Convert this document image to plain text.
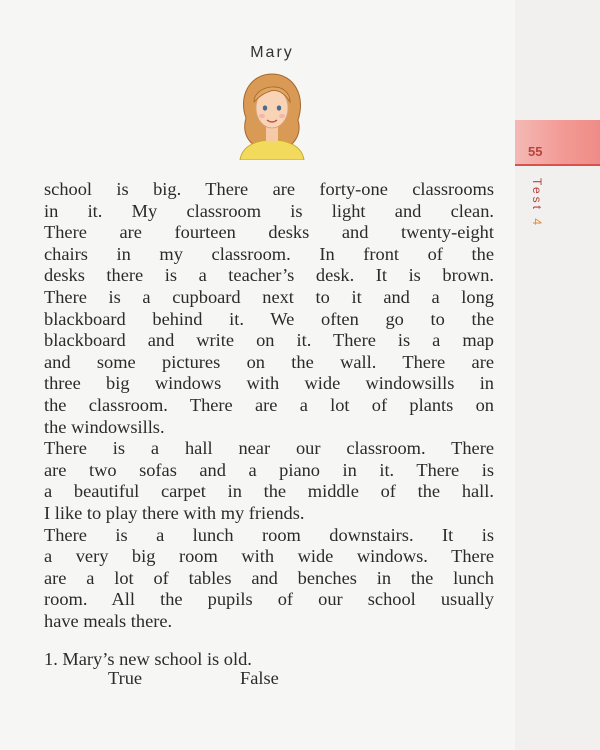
55
Test 4
Mary
school is big. There are forty-one classrooms
in it. My classroom is light and clean.
There are fourteen desks and twenty-eight
chairs in my classroom. In front of the
desks there is a teacher’s desk. It is brown.
There is a cupboard next to it and a long
blackboard behind it. We often go to the
blackboard and write on it. There is a map
and some pictures on the wall. There are
three big windows with wide windowsills in
the classroom. There are a lot of plants on
the windowsills.
There is a hall near our classroom. There
are two sofas and a piano in it. There is
a beautiful carpet in the middle of the hall.
I like to play there with my friends.
There is a lunch room downstairs. It is
a very big room with wide windows. There
are a lot of tables and benches in the lunch
room. All the pupils of our school usually
have meals there.
1. Mary’s new school is old.
True	False
